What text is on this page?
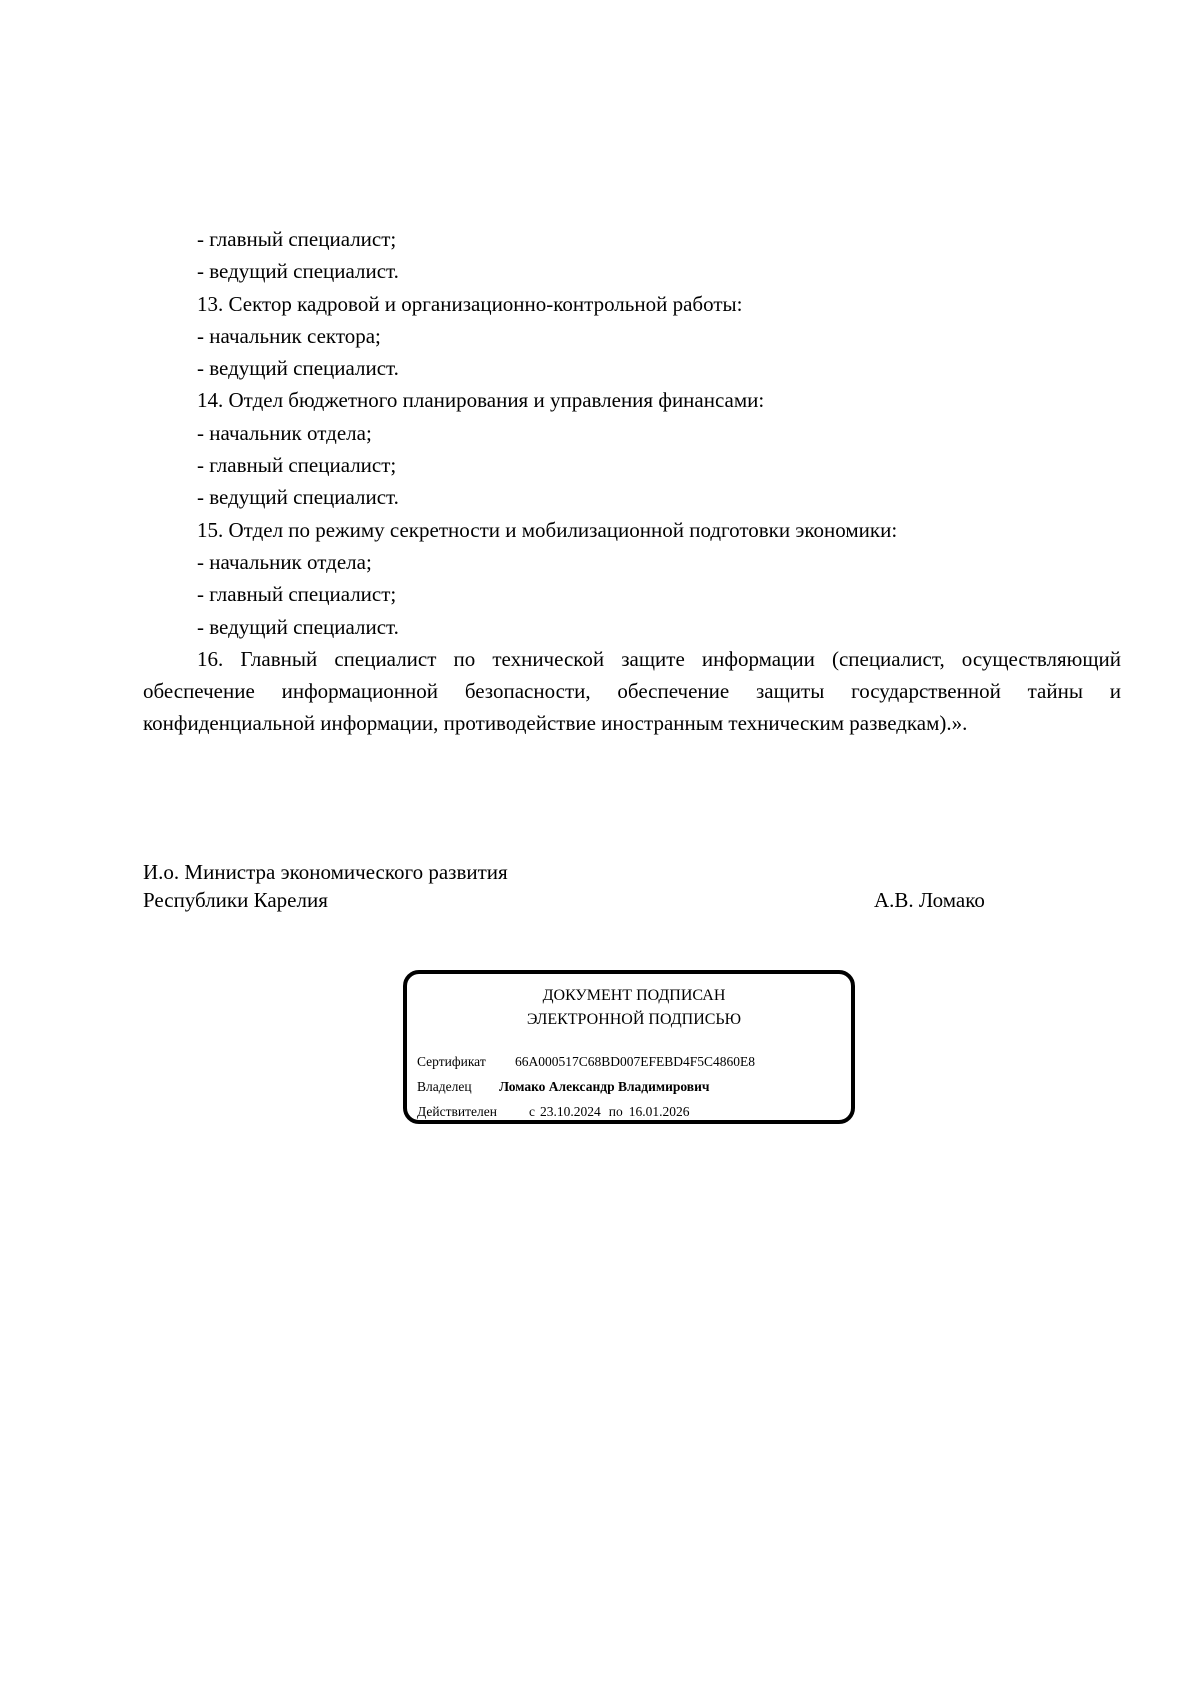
- главный специалист;

- ведущий специалист.

13. Сектор кадровой и организационно-контрольной работы:

- начальник сектора;

- ведущий специалист.

14. Отдел бюджетного планирования и управления финансами:

- начальник отдела;

- главный специалист;

- ведущий специалист.

15. Отдел по режиму секретности и мобилизационной подготовки экономики:

- начальник отдела;

- главный специалист;

- ведущий специалист.

16. Главный специалист по технической защите информации (специалист, осуществляющий обеспечение информационной безопасности, обеспечение защиты государственной тайны и конфиденциальной информации, противодействие иностранным техническим разведкам).».

И.о. Министра экономического развития
Республики Карелия	А.В. Ломако
ДОКУМЕНТ ПОДПИСАН
ЭЛЕКТРОННОЙ ПОДПИСЬЮ
Сертификат 66A000517C68BD007EFEBD4F5C4860E8
Владелец Ломако Александр Владимирович
Действителен с 23.10.2024 по 16.01.2026
